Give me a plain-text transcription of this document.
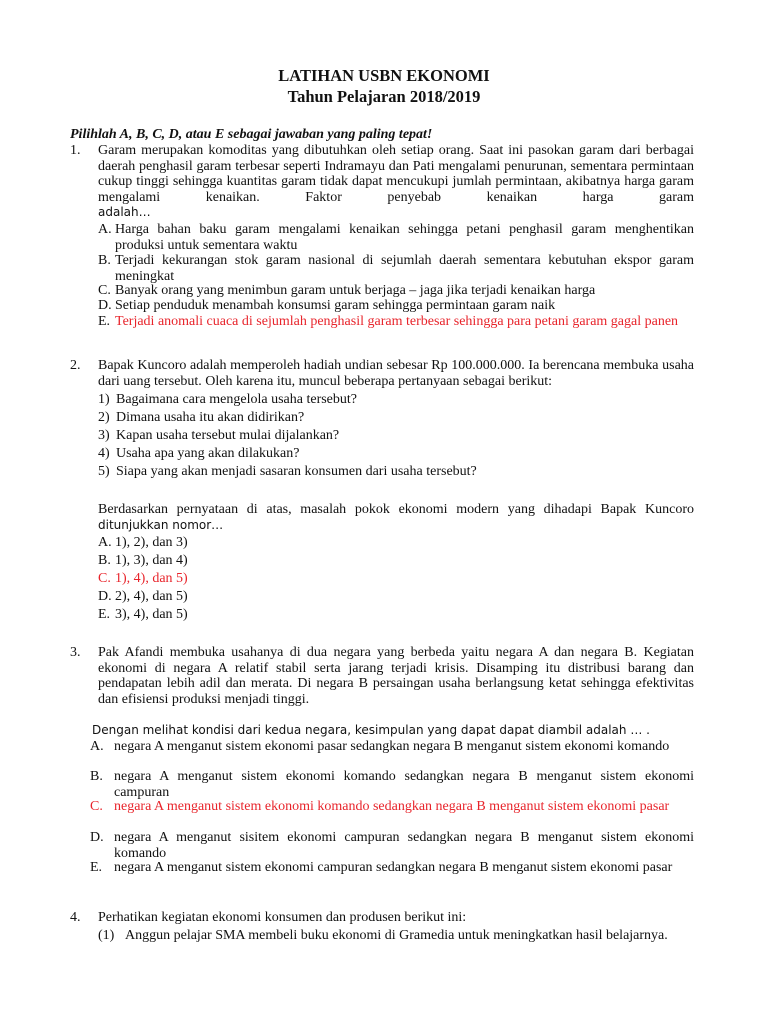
LATIHAN USBN EKONOMI
Tahun Pelajaran 2018/2019
Pilihlah A, B, C, D, atau E sebagai jawaban yang paling tepat!
1. Garam merupakan komoditas yang dibutuhkan oleh setiap orang. Saat ini pasokan garam dari berbagai daerah penghasil garam terbesar seperti Indramayu dan Pati mengalami penurunan, sementara permintaan cukup tinggi sehingga kuantitas garam tidak dapat mencukupi jumlah permintaan, akibatnya harga garam mengalami kenaikan. Faktor penyebab kenaikan harga garam
adalah…
A. Harga bahan baku garam mengalami kenaikan sehingga petani penghasil garam menghentikan produksi untuk sementara waktu
B. Terjadi kekurangan stok garam nasional di sejumlah daerah sementara kebutuhan ekspor garam meningkat
C. Banyak orang yang menimbun garam untuk berjaga – jaga jika terjadi kenaikan harga
D. Setiap penduduk menambah konsumsi garam sehingga permintaan garam naik
E. Terjadi anomali cuaca di sejumlah penghasil garam terbesar sehingga para petani garam gagal panen
2. Bapak Kuncoro adalah memperoleh hadiah undian sebesar Rp 100.000.000. Ia berencana membuka usaha dari uang tersebut. Oleh karena itu, muncul beberapa pertanyaan sebagai berikut:
1) Bagaimana cara mengelola usaha tersebut?
2) Dimana usaha itu akan didirikan?
3) Kapan usaha tersebut mulai dijalankan?
4) Usaha apa yang akan dilakukan?
5) Siapa yang akan menjadi sasaran konsumen dari usaha tersebut?
Berdasarkan pernyataan di atas, masalah pokok ekonomi modern yang dihadapi Bapak Kuncoro
ditunjukkan nomor…
A. 1), 2), dan 3)
B. 1), 3), dan 4)
C. 1), 4), dan 5)
D. 2), 4), dan 5)
E. 3), 4), dan 5)
3. Pak Afandi membuka usahanya di dua negara yang berbeda yaitu negara A dan negara B. Kegiatan ekonomi di negara A relatif stabil serta jarang terjadi krisis. Disamping itu distribusi barang dan pendapatan lebih adil dan merata. Di negara B persaingan usaha berlangsung ketat sehingga efektivitas dan efisiensi produksi menjadi tinggi.
Dengan melihat kondisi dari kedua negara, kesimpulan yang dapat dapat diambil adalah … .
A. negara A menganut sistem ekonomi pasar sedangkan negara B menganut sistem ekonomi komando
B. negara A menganut sistem ekonomi komando sedangkan negara B menganut sistem ekonomi campuran
C. negara A menganut sistem ekonomi komando sedangkan negara B menganut sistem ekonomi pasar
D. negara A menganut sisitem ekonomi campuran sedangkan negara B menganut sistem ekonomi komando
E. negara A menganut sistem ekonomi campuran sedangkan negara B menganut sistem ekonomi pasar
4. Perhatikan kegiatan ekonomi konsumen dan produsen berikut ini:
(1) Anggun pelajar SMA membeli buku ekonomi di Gramedia untuk meningkatkan hasil belajarnya.
